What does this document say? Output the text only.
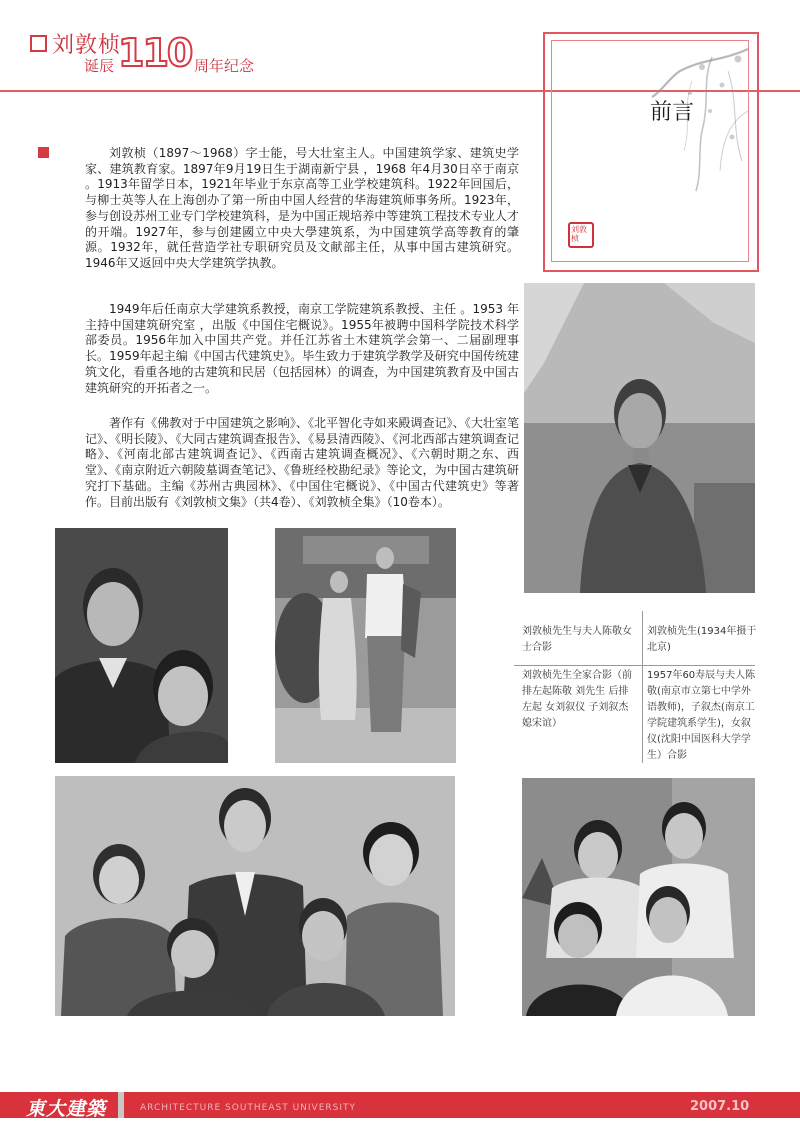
刘敦桢
诞辰 110 周年纪念
前言
刘敦桢

刘敦桢（1897～1968）字士能，号大壮室主人。中国建筑学家、建筑史学家、建筑教育家。1897年9月19日生于湖南新宁县 ，1968 年4月30日卒于南京 。1913年留学日本，1921年毕业于东京高等工业学校建筑科。1922年回国后，与柳士英等人在上海创办了第一所由中国人经营的华海建筑师事务所。1923年，参与创设苏州工业专门学校建筑科，是为中国正规培养中等建筑工程技术专业人才的开端。1927年，参与创建國立中央大學建筑系，为中国建筑学高等教育的肇源。1932年，就任营造学社专职研究员及文献部主任，从事中国古建筑研究。1946年又返回中央大学建筑学执教。

1949年后任南京大学建筑系教授，南京工学院建筑系教授、主任 。1953 年主持中国建筑研究室 ，出版《中国住宅概说》。1955年被聘中国科学院技术科学部委员。1956年加入中国共产党。并任江苏省土木建筑学会第一、二届副理事长。1959年起主编《中国古代建筑史》。毕生致力于建筑学教学及研究中国传统建筑文化，看重各地的古建筑和民居（包括园林）的调查，为中国建筑教育及中国古建筑研究的开拓者之一。

著作有《佛教对于中国建筑之影响》、《北平智化寺如来殿调查记》、《大壮室笔记》、《明长陵》、《大同古建筑调查报告》、《易县清西陵》、《河北西部古建筑调查记略》、《河南北部古建筑调查记》、《西南古建筑调查概况》、《六朝时期之东、西堂》、《南京附近六朝陵墓调查笔记》、《鲁班经校勘纪录》等论文，为中国古建筑研究打下基础。主编《苏州古典园林》、《中国住宅概说》、《中国古代建筑史》等著作。目前出版有《刘敦桢文集》（共4卷）、《刘敦桢全集》（10卷本）。

刘敦桢先生与夫人陈敬女士合影
刘敦桢先生(1934年摄于北京)
刘敦桢先生全家合影（前排左起陈敬 刘先生 后排左起 女刘叙仪 子刘叙杰 媳宋谊）
1957年60寿辰与夫人陈敬(南京市立第七中学外语教师)，子叙杰(南京工学院建筑系学生)，女叙仪(沈阳中国医科大学学生）合影
東大建築	ARCHITECTURE SOUTHEAST UNIVERSITY	2007.10
